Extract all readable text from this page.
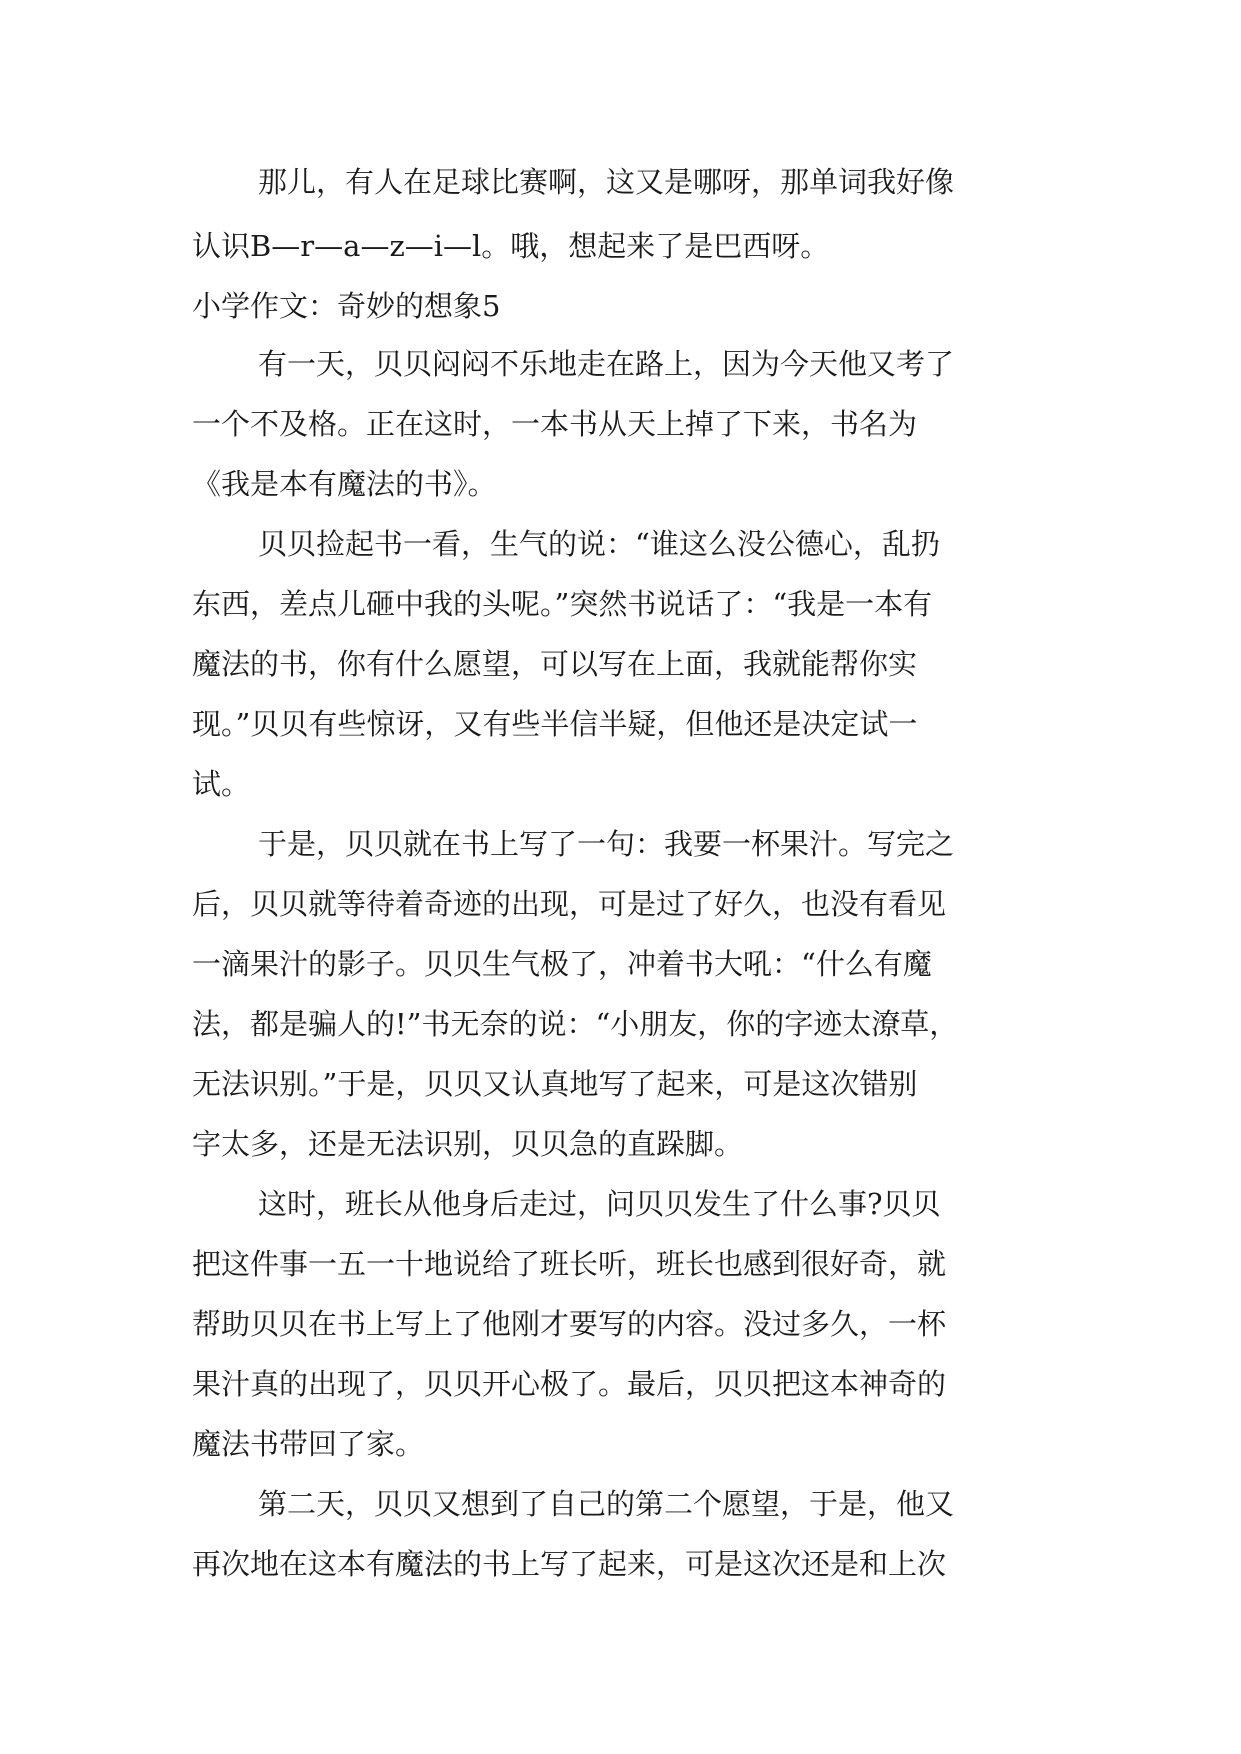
那儿，有人在足球比赛啊，这又是哪呀，那单词我好像

认识B—r—a—z—i—l。哦，想起来了是巴西呀。

小学作文：奇妙的想象5

有一天，贝贝闷闷不乐地走在路上，因为今天他又考了

一个不及格。正在这时，一本书从天上掉了下来，书名为

《我是本有魔法的书》。

贝贝捡起书一看，生气的说：“谁这么没公德心，乱扔

东西，差点儿砸中我的头呢。”突然书说话了：“我是一本有

魔法的书，你有什么愿望，可以写在上面，我就能帮你实

现。”贝贝有些惊讶，又有些半信半疑，但他还是决定试一

试。

于是，贝贝就在书上写了一句：我要一杯果汁。写完之

后，贝贝就等待着奇迹的出现，可是过了好久，也没有看见

一滴果汁的影子。贝贝生气极了，冲着书大吼：“什么有魔

法，都是骗人的!”书无奈的说：“小朋友，你的字迹太潦草，

无法识别。”于是，贝贝又认真地写了起来，可是这次错别

字太多，还是无法识别，贝贝急的直跺脚。

这时，班长从他身后走过，问贝贝发生了什么事?贝贝

把这件事一五一十地说给了班长听，班长也感到很好奇，就

帮助贝贝在书上写上了他刚才要写的内容。没过多久，一杯

果汁真的出现了，贝贝开心极了。最后，贝贝把这本神奇的

魔法书带回了家。

第二天，贝贝又想到了自己的第二个愿望，于是，他又

再次地在这本有魔法的书上写了起来，可是这次还是和上次
